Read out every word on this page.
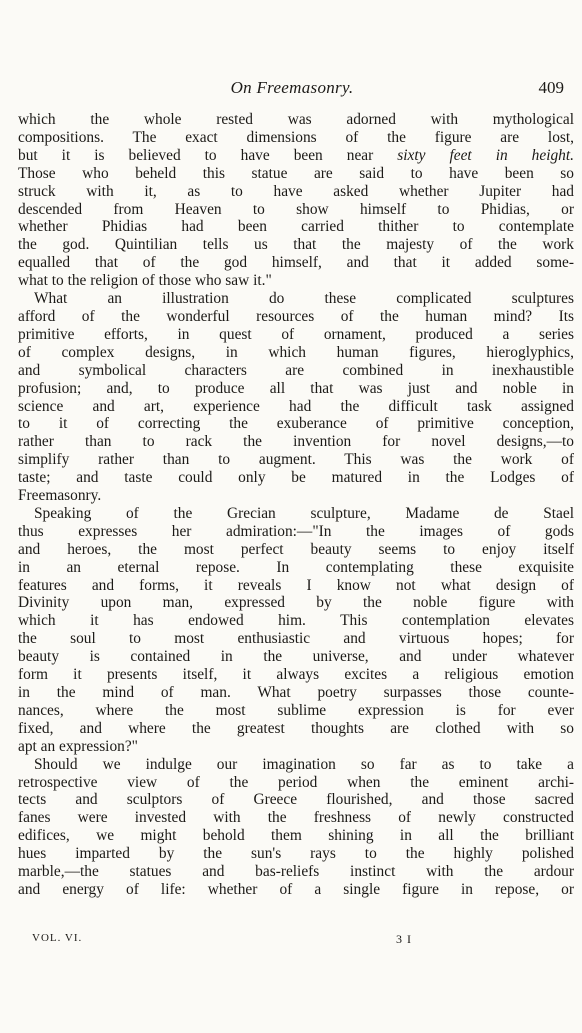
On Freemasonry.	409
which the whole rested was adorned with mythological
compositions. The exact dimensions of the figure are lost,
but it is believed to have been near sixty feet in height.
Those who beheld this statue are said to have been so
struck with it, as to have asked whether Jupiter had
descended from Heaven to show himself to Phidias, or
whether Phidias had been carried thither to contemplate
the god. Quintilian tells us that the majesty of the work
equalled that of the god himself, and that it added some-
what to the religion of those who saw it."
What an illustration do these complicated sculptures
afford of the wonderful resources of the human mind? Its
primitive efforts, in quest of ornament, produced a series
of complex designs, in which human figures, hieroglyphics,
and symbolical characters are combined in inexhaustible
profusion; and, to produce all that was just and noble in
science and art, experience had the difficult task assigned
to it of correcting the exuberance of primitive conception,
rather than to rack the invention for novel designs,—to
simplify rather than to augment. This was the work of
taste; and taste could only be matured in the Lodges of
Freemasonry.
Speaking of the Grecian sculpture, Madame de Stael
thus expresses her admiration:—"In the images of gods
and heroes, the most perfect beauty seems to enjoy itself
in an eternal repose. In contemplating these exquisite
features and forms, it reveals I know not what design of
Divinity upon man, expressed by the noble figure with
which it has endowed him. This contemplation elevates
the soul to most enthusiastic and virtuous hopes; for
beauty is contained in the universe, and under whatever
form it presents itself, it always excites a religious emotion
in the mind of man. What poetry surpasses those counte-
nances, where the most sublime expression is for ever
fixed, and where the greatest thoughts are clothed with so
apt an expression?"
Should we indulge our imagination so far as to take a
retrospective view of the period when the eminent archi-
tects and sculptors of Greece flourished, and those sacred
fanes were invested with the freshness of newly constructed
edifices, we might behold them shining in all the brilliant
hues imparted by the sun's rays to the highly polished
marble,—the statues and bas-reliefs instinct with the ardour
and energy of life: whether of a single figure in repose, or
VOL. VI.	3 I
